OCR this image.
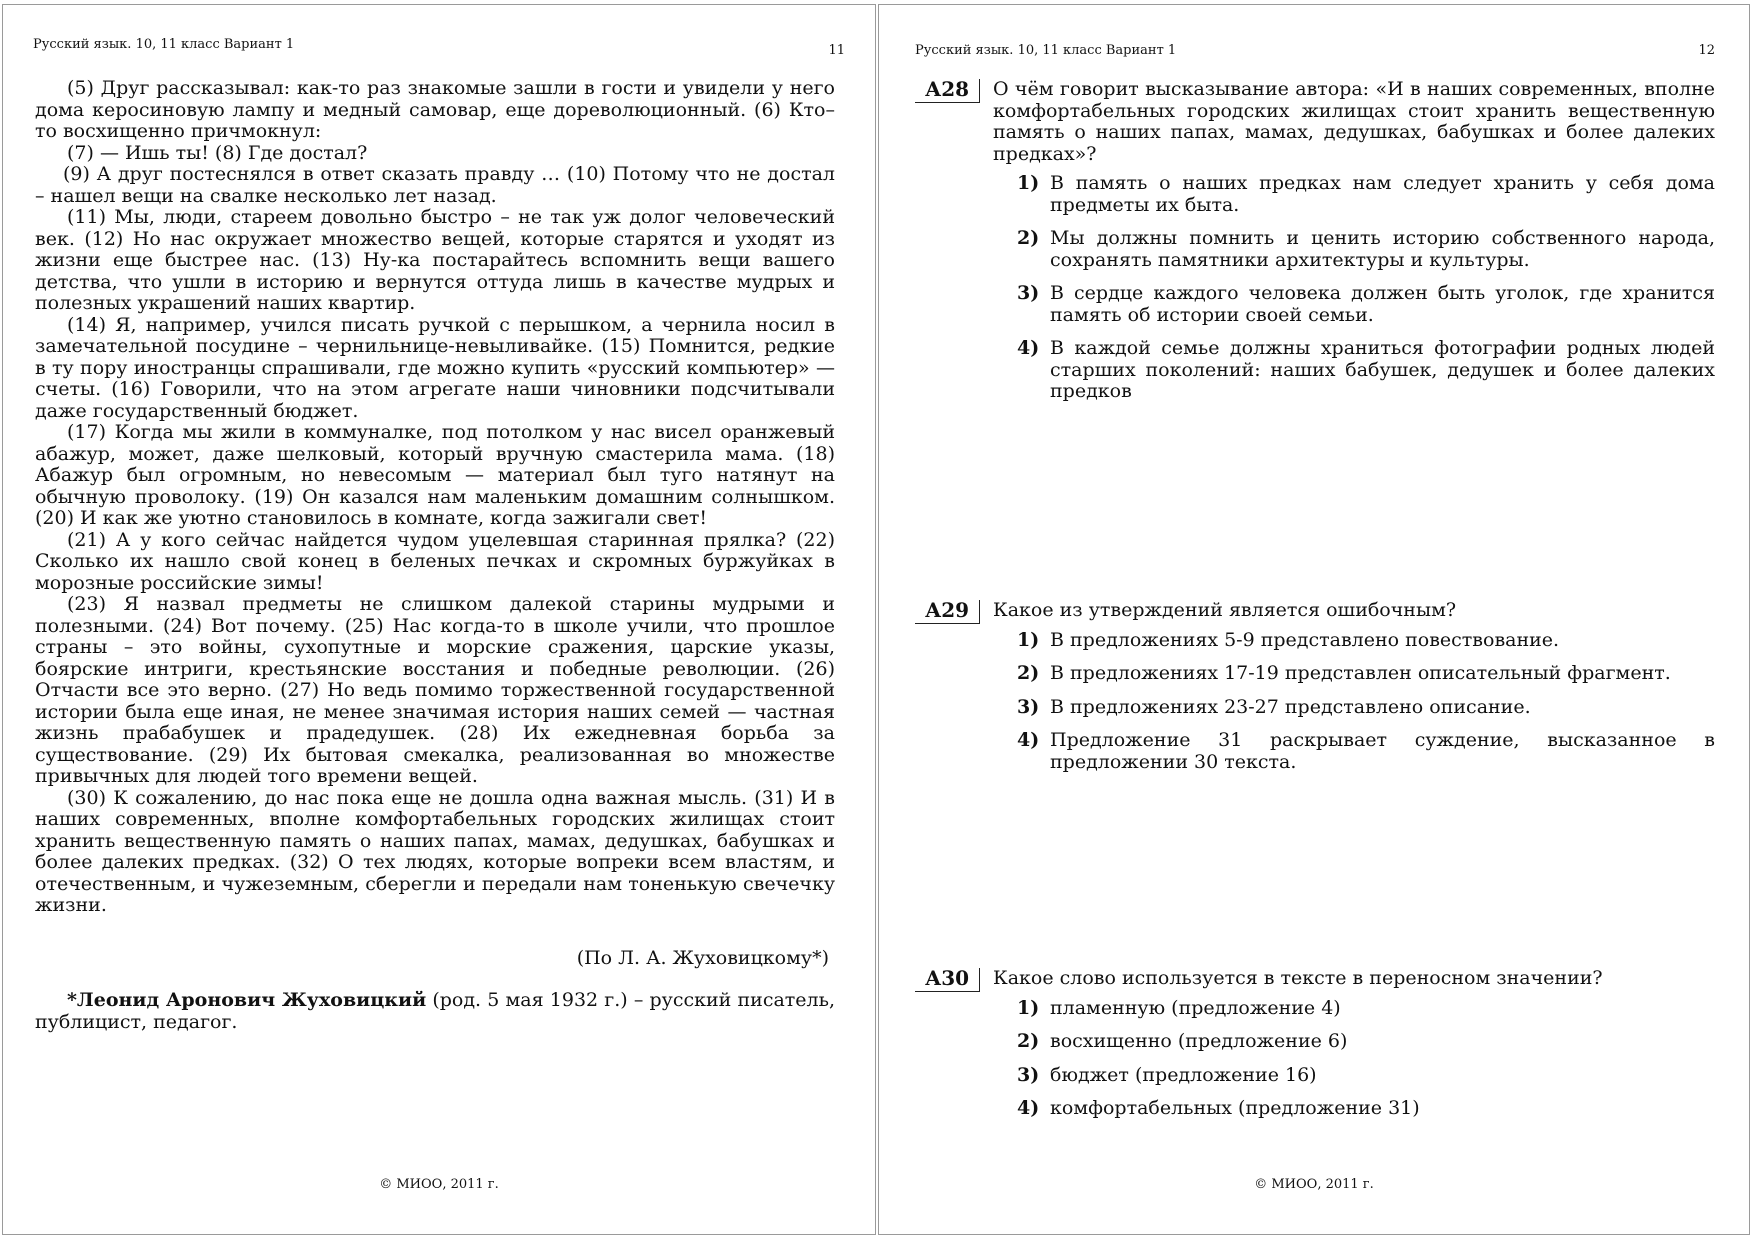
Русский язык. 10, 11 класс Вариант 1	11

(5) Друг рассказывал: как-то раз знакомые зашли в гости и увидели у него дома керосиновую лампу и медный самовар, еще дореволюционный. (6) Кто–то восхищенно причмокнул:

(7) — Ишь ты! (8) Где достал?

(9) А друг постеснялся в ответ сказать правду … (10) Потому что не достал – нашел вещи на свалке несколько лет назад.

(11) Мы, люди, стареем довольно быстро – не так уж долог человеческий век. (12) Но нас окружает множество вещей, которые старятся и уходят из жизни еще быстрее нас. (13) Ну-ка постарайтесь вспомнить вещи вашего детства, что ушли в историю и вернутся оттуда лишь в качестве мудрых и полезных украшений наших квартир.

(14) Я, например, учился писать ручкой с перышком, а чернила носил в замечательной посудине – чернильнице-невыливайке. (15) Помнится, редкие в ту пору иностранцы спрашивали, где можно купить «русский компьютер» — счеты. (16) Говорили, что на этом агрегате наши чиновники подсчитывали даже государственный бюджет.

(17) Когда мы жили в коммуналке, под потолком у нас висел оранжевый абажур, может, даже шелковый, который вручную смастерила мама. (18) Абажур был огромным, но невесомым — материал был туго натянут на обычную проволоку. (19) Он казался нам маленьким домашним солнышком. (20) И как же уютно становилось в комнате, когда зажигали свет!

(21) А у кого сейчас найдется чудом уцелевшая старинная прялка? (22) Сколько их нашло свой конец в беленых печках и скромных буржуйках в морозные российские зимы!

(23) Я назвал предметы не слишком далекой старины мудрыми и полезными. (24) Вот почему. (25) Нас когда-то в школе учили, что прошлое страны – это войны, сухопутные и морские сражения, царские указы, боярские интриги, крестьянские восстания и победные революции. (26) Отчасти все это верно. (27) Но ведь помимо торжественной государственной истории была еще иная, не менее значимая история наших семей — частная жизнь прабабушек и прадедушек. (28) Их ежедневная борьба за существование. (29) Их бытовая смекалка, реализованная во множестве привычных для людей того времени вещей.

(30) К сожалению, до нас пока еще не дошла одна важная мысль. (31) И в наших современных, вполне комфортабельных городских жилищах стоит хранить вещественную память о наших папах, мамах, дедушках, бабушках и более далеких предках. (32) О тех людях, которые вопреки всем властям, и отечественным, и чужеземным, сберегли и передали нам тоненькую свечечку жизни.

(По Л. А. Жуховицкому*)

*Леонид Аронович Жуховицкий (род. 5 мая 1932 г.) – русский писатель, публицист, педагог.

© МИОО, 2011 г.
Русский язык. 10, 11 класс Вариант 1	12
А28	О чём говорит высказывание автора: «И в наших современных, вполне комфортабельных городских жилищах стоит хранить вещественную память о наших папах, мамах, дедушках, бабушках и более далеких предках»?
1) В память о наших предках нам следует хранить у себя дома предметы их быта.
2) Мы должны помнить и ценить историю собственного народа, сохранять памятники архитектуры и культуры.
3) В сердце каждого человека должен быть уголок, где хранится память об истории своей семьи.
4) В каждой семье должны храниться фотографии родных людей старших поколений: наших бабушек, дедушек и более далеких предков
А29	Какое из утверждений является ошибочным?
1) В предложениях 5-9 представлено повествование.
2) В предложениях 17-19 представлен описательный фрагмент.
3) В предложениях 23-27 представлено описание.
4) Предложение 31 раскрывает суждение, высказанное в предложении 30 текста.
А30	Какое слово используется в тексте в переносном значении?
1) пламенную (предложение 4)
2) восхищенно (предложение 6)
3) бюджет (предложение 16)
4) комфортабельных (предложение 31)
© МИОО, 2011 г.
